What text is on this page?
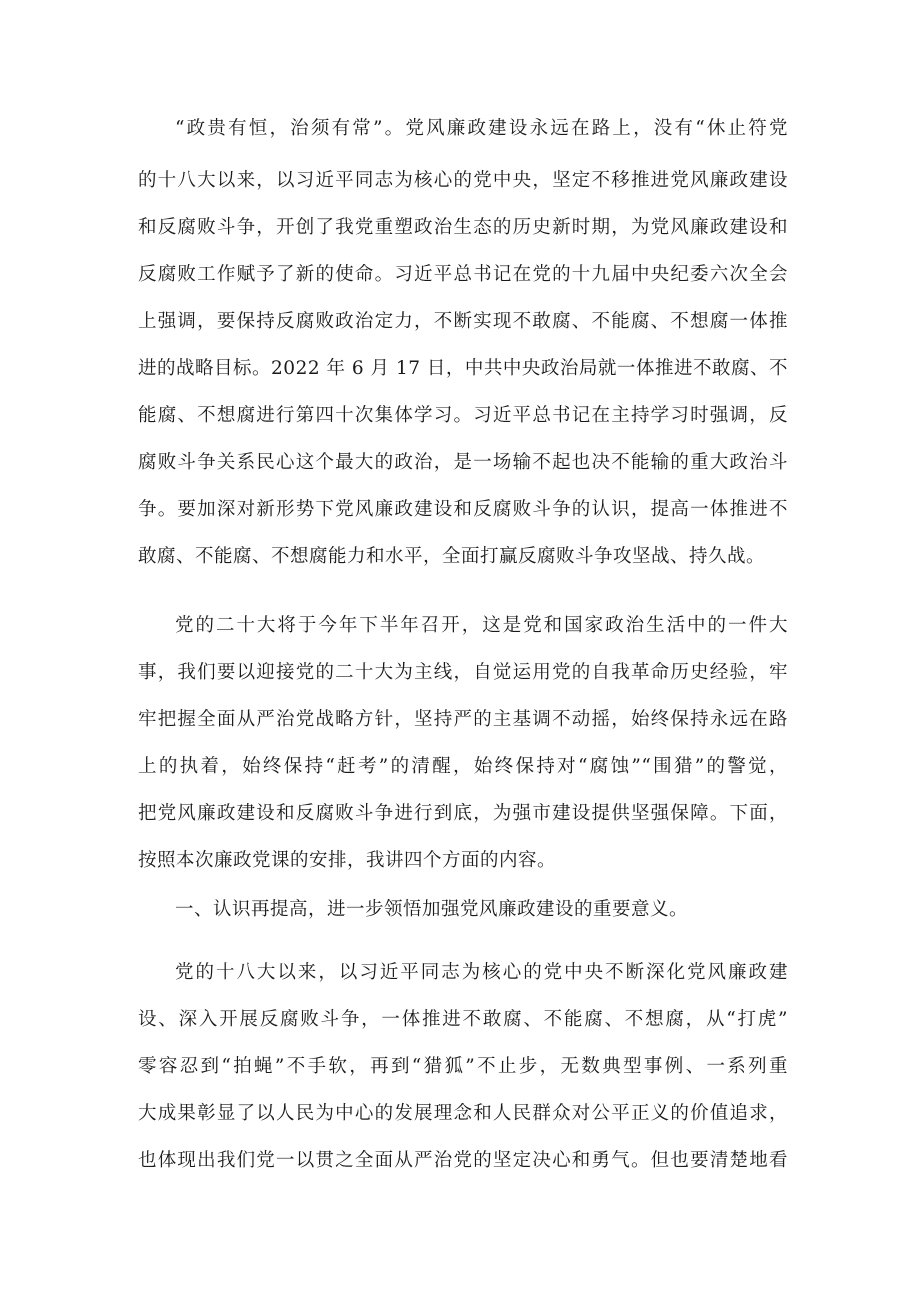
“政贵有恒，治须有常”。党风廉政建设永远在路上，没有“休止符党
的十八大以来，以习近平同志为核心的党中央，坚定不移推进党风廉政建设
和反腐败斗争，开创了我党重塑政治生态的历史新时期，为党风廉政建设和
反腐败工作赋予了新的使命。习近平总书记在党的十九届中央纪委六次全会
上强调，要保持反腐败政治定力，不断实现不敢腐、不能腐、不想腐一体推
进的战略目标。2022 年 6 月 17 日，中共中央政治局就一体推进不敢腐、不
能腐、不想腐进行第四十次集体学习。习近平总书记在主持学习时强调，反
腐败斗争关系民心这个最大的政治，是一场输不起也决不能输的重大政治斗
争。要加深对新形势下党风廉政建设和反腐败斗争的认识，提高一体推进不
敢腐、不能腐、不想腐能力和水平，全面打赢反腐败斗争攻坚战、持久战。
党的二十大将于今年下半年召开，这是党和国家政治生活中的一件大
事，我们要以迎接党的二十大为主线，自觉运用党的自我革命历史经验，牢
牢把握全面从严治党战略方针，坚持严的主基调不动摇，始终保持永远在路
上的执着，始终保持“赶考”的清醒，始终保持对“腐蚀”“围猎”的警觉，
把党风廉政建设和反腐败斗争进行到底，为强市建设提供坚强保障。下面，
按照本次廉政党课的安排，我讲四个方面的内容。
一、认识再提高，进一步领悟加强党风廉政建设的重要意义。
党的十八大以来，以习近平同志为核心的党中央不断深化党风廉政建
设、深入开展反腐败斗争，一体推进不敢腐、不能腐、不想腐，从“打虎”
零容忍到“拍蝇”不手软，再到“猎狐”不止步，无数典型事例、一系列重
大成果彰显了以人民为中心的发展理念和人民群众对公平正义的价值追求，
也体现出我们党一以贯之全面从严治党的坚定决心和勇气。但也要清楚地看
